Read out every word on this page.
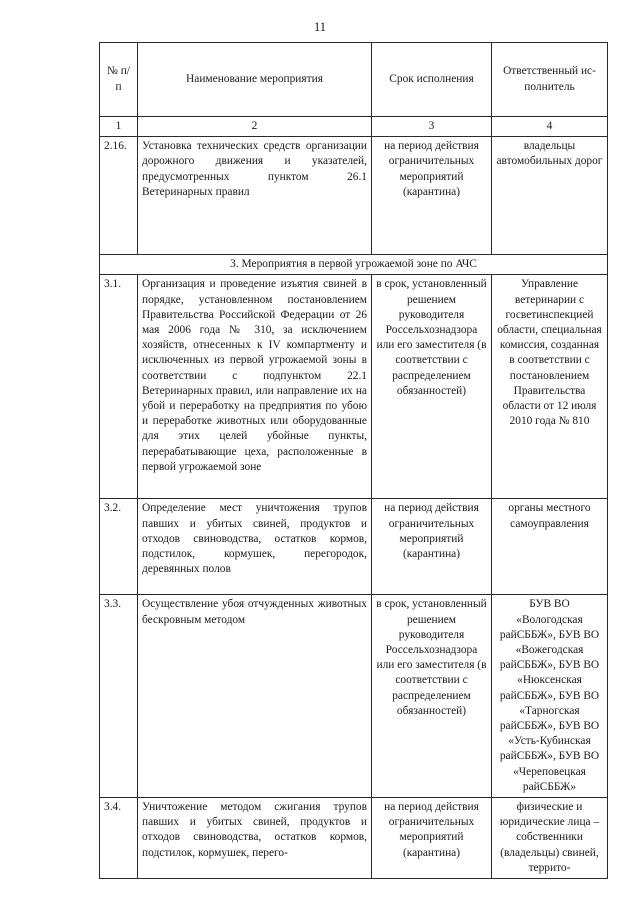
11
№ п/п	Наименование мероприятия	Срок исполнения	Ответственный ис-полнитель
1	2	3	4
2.16.	Установка технических средств организации дорожного движения и указателей, предусмотренных пунктом 26.1 Ветеринарных правил	на период действия ограничительных мероприятий (карантина)	владельцы автомобильных дорог
3. Мероприятия в первой угрожаемой зоне по АЧС			
3.1.	Организация и проведение изъятия свиней в порядке, установленном постановлением Правительства Российской Федерации от 26 мая 2006 года № 310, за исключением хозяйств, отнесенных к IV компартменту и исключенных из первой угрожаемой зоны в соответствии с подпунктом 22.1 Ветеринарных правил, или направление их на убой и переработку на предприятия по убою и переработке животных или оборудованные для этих целей убойные пункты, перерабатывающие цеха, расположенные в первой угрожаемой зоне	в срок, установленный решением руководителя Россельхознадзора или его заместителя (в соответствии с распределением обязанностей)	Управление ветеринарии с госветинспекцией области, специальная комиссия, созданная в соответствии с постановлением Правительства области от 12 июля 2010 года № 810
3.2.	Определение мест уничтожения трупов павших и убитых свиней, продуктов и отходов свиноводства, остатков кормов, подстилок, кормушек, перегородок, деревянных полов	на период действия ограничительных мероприятий (карантина)	органы местного самоуправления
3.3.	Осуществление убоя отчужденных животных бескровным методом	в срок, установленный решением руководителя Россельхознадзора или его заместителя (в соответствии с распределением обязанностей)	БУВ ВО «Вологодская райСББЖ», БУВ ВО «Вожегодская райСББЖ», БУВ ВО «Нюксенская райСББЖ», БУВ ВО «Тарногская райСББЖ», БУВ ВО «Усть-Кубинская райСББЖ», БУВ ВО «Череповецкая райСББЖ»
3.4.	Уничтожение методом сжигания трупов павших и убитых свиней, продуктов и отходов свиноводства, остатков кормов, подстилок, кормушек, перего-	на период действия ограничительных мероприятий (карантина)	физические и юридические лица – собственники (владельцы) свиней, террито-
